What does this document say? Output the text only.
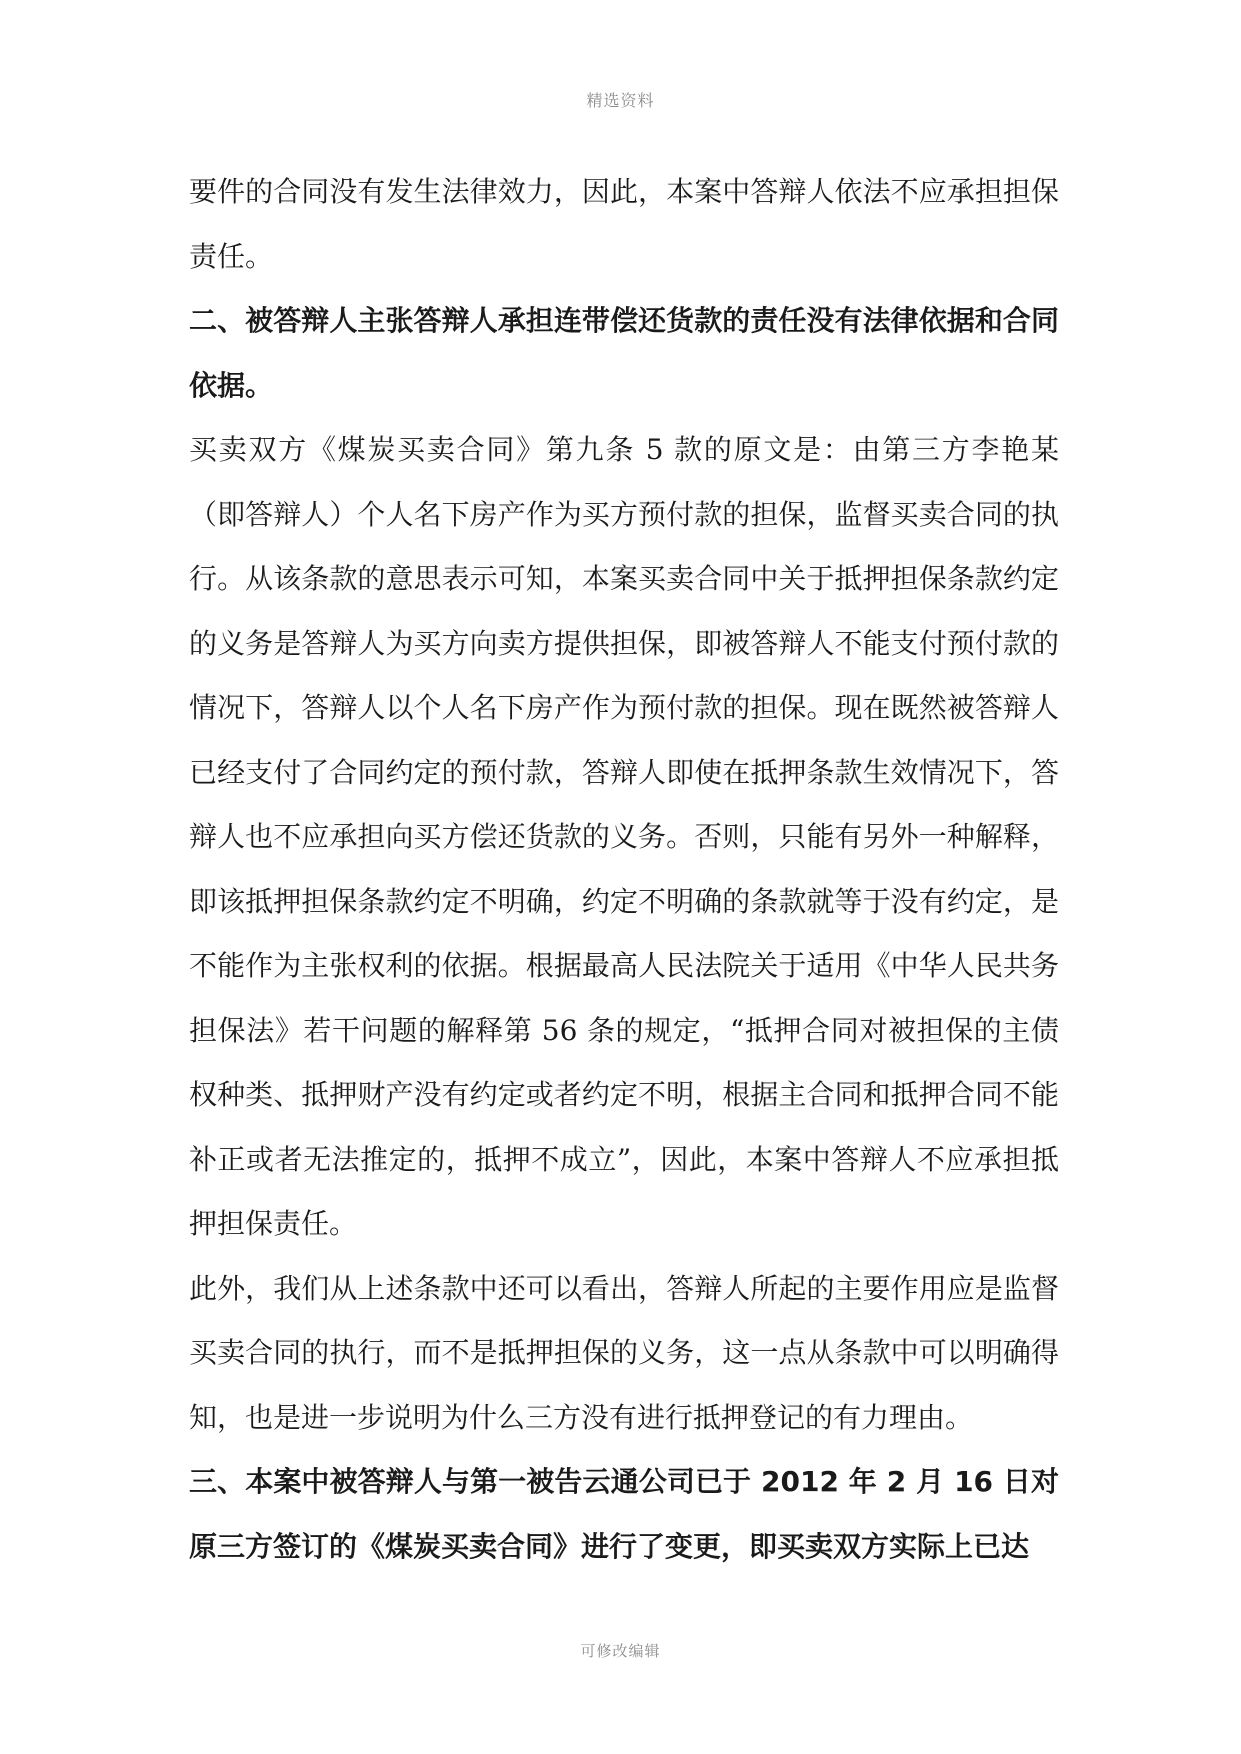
精选资料

要件的合同没有发生法律效力，因此，本案中答辩人依法不应承担担保责任。

二、被答辩人主张答辩人承担连带偿还货款的责任没有法律依据和合同依据。

买卖双方《煤炭买卖合同》第九条 5 款的原文是：由第三方李艳某（即答辩人）个人名下房产作为买方预付款的担保，监督买卖合同的执行。从该条款的意思表示可知，本案买卖合同中关于抵押担保条款约定的义务是答辩人为买方向卖方提供担保，即被答辩人不能支付预付款的情况下，答辩人以个人名下房产作为预付款的担保。现在既然被答辩人已经支付了合同约定的预付款，答辩人即使在抵押条款生效情况下，答辩人也不应承担向买方偿还货款的义务。否则，只能有另外一种解释，即该抵押担保条款约定不明确，约定不明确的条款就等于没有约定，是不能作为主张权利的依据。根据最高人民法院关于适用《中华人民共务担保法》若干问题的解释第 56 条的规定，“抵押合同对被担保的主债权种类、抵押财产没有约定或者约定不明，根据主合同和抵押合同不能补正或者无法推定的，抵押不成立”，因此，本案中答辩人不应承担抵押担保责任。

此外，我们从上述条款中还可以看出，答辩人所起的主要作用应是监督买卖合同的执行，而不是抵押担保的义务，这一点从条款中可以明确得知，也是进一步说明为什么三方没有进行抵押登记的有力理由。

三、本案中被答辩人与第一被告云通公司已于 2012 年 2 月 16 日对原三方签订的《煤炭买卖合同》进行了变更，即买卖双方实际上已达

可修改编辑
